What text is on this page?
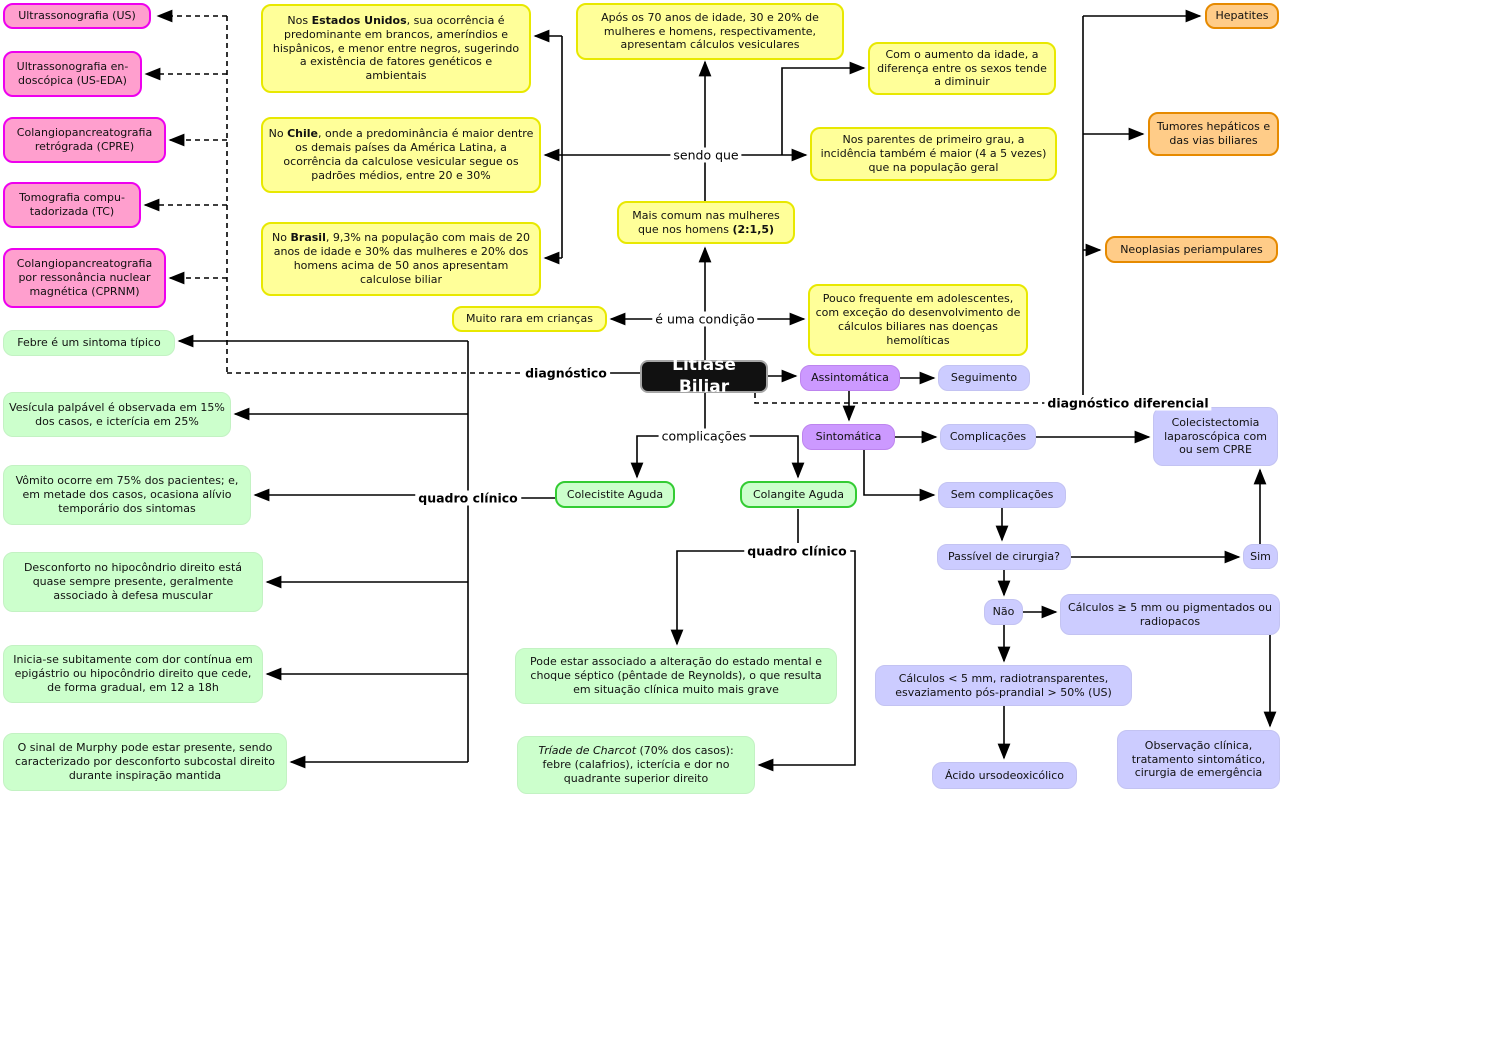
Ultrassonografia (US)
Ultrassonografia en- doscópica (US-EDA)
Colangiopancreatografia retrógrada (CPRE)
Tomografia compu- tadorizada (TC)
Colangiopancreatografia por ressonância nuclear magnética (CPRNM)
Nos Estados Unidos, sua ocorrência é predominante em brancos, ameríndios e hispânicos, e menor entre negros, sugerindo a existência de fatores genéticos e ambientais
No Chile, onde a predominância é maior dentre os demais países da América Latina, a ocorrência da calculose vesicular segue os padrões médios, entre 20 e 30%
No Brasil, 9,3% na população com mais de 20 anos de idade e 30% das mulheres e 20% dos homens acima de 50 anos apresentam calculose biliar
Após os 70 anos de idade, 30 e 20% de mulheres e homens, respectivamente, apresentam cálculos vesiculares
Com o aumento da idade, a diferença entre os sexos tende a diminuir
Nos parentes de primeiro grau, a incidência também é maior (4 a 5 vezes) que na população geral
Mais comum nas mulheres que nos homens (2:1,5)
Muito rara em crianças
Pouco frequente em adolescentes, com exceção do desenvolvimento de cálculos biliares nas doenças hemolíticas
Febre é um sintoma típico
Vesícula palpável é observada em 15% dos casos, e icterícia em 25%
Vômito ocorre em 75% dos pacientes; e, em metade dos casos, ocasiona alívio temporário dos sintomas
Desconforto no hipocôndrio direito está quase sempre presente, geralmente associado à defesa muscular
Inicia-se subitamente com dor contínua em epigástrio ou hipocôndrio direito que cede, de forma gradual, em 12 a 18h
O sinal de Murphy pode estar presente, sendo caracterizado por desconforto subcostal direito durante inspiração mantida
Pode estar associado a alteração do estado mental e choque séptico (pêntade de Reynolds), o que resulta em situação clínica muito mais grave
Tríade de Charcot (70% dos casos): febre (calafrios), icterícia e dor no quadrante superior direito
Colecistite Aguda	Colangite Aguda
Assintomática
Sintomática
Seguimento
Complicações
Colecistectomia laparoscópica com ou sem CPRE
Sem complicações
Passível de cirurgia?	Sim
Não	Cálculos ≥ 5 mm ou pigmentados ou radiopacos
Cálculos < 5 mm, radiotransparentes, esvaziamento pós-prandial > 50% (US)
Ácido ursodeoxicólico
Observação clínica, tratamento sintomático, cirurgia de emergência
Hepatites
Tumores hepáticos e das vias biliares
Neoplasias periampulares
Litíase Biliar
diagnóstico
sendo que
é uma condição
complicações
quadro clínico
quadro clínico
diagnóstico diferencial
